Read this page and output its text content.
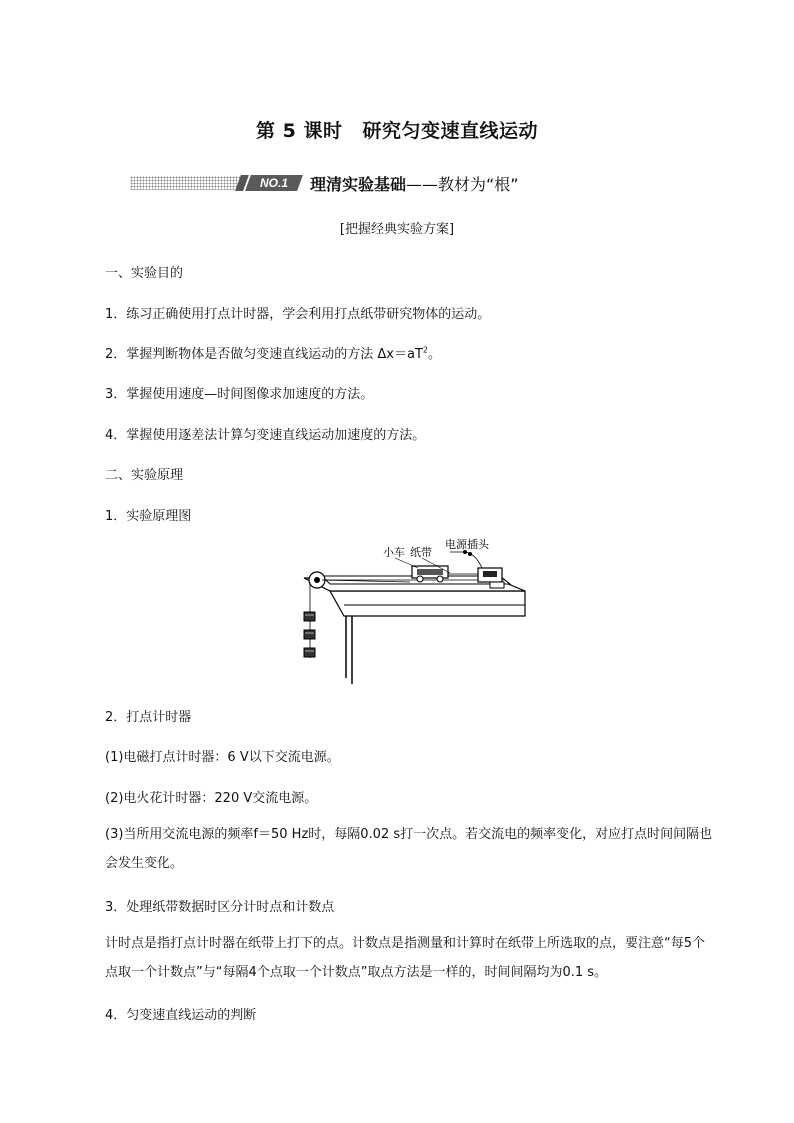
第 5 课时 研究匀变速直线运动
NO.1	理清实验基础——教材为“根”
[把握经典实验方案]
一、实验目的
1．练习正确使用打点计时器，学会利用打点纸带研究物体的运动。
2．掌握判断物体是否做匀变速直线运动的方法 $\Delta x=aT^2$。
3．掌握使用速度—时间图像求加速度的方法。
4．掌握使用逐差法计算匀变速直线运动加速度的方法。
二、实验原理
1．实验原理图
小车 纸带
电源插头
2．打点计时器
(1)电磁打点计时器：6 V以下交流电源。
(2)电火花计时器：220 V交流电源。
(3)当所用交流电源的频率f＝50 Hz时，每隔0.02 s打一次点。若交流电的频率变化，对应打点时间间隔也会发生变化。
3．处理纸带数据时区分计时点和计数点
计时点是指打点计时器在纸带上打下的点。计数点是指测量和计算时在纸带上所选取的点，要注意“每5个点取一个计数点”与“每隔4个点取一个计数点”取点方法是一样的，时间间隔均为0.1 s。
4．匀变速直线运动的判断
